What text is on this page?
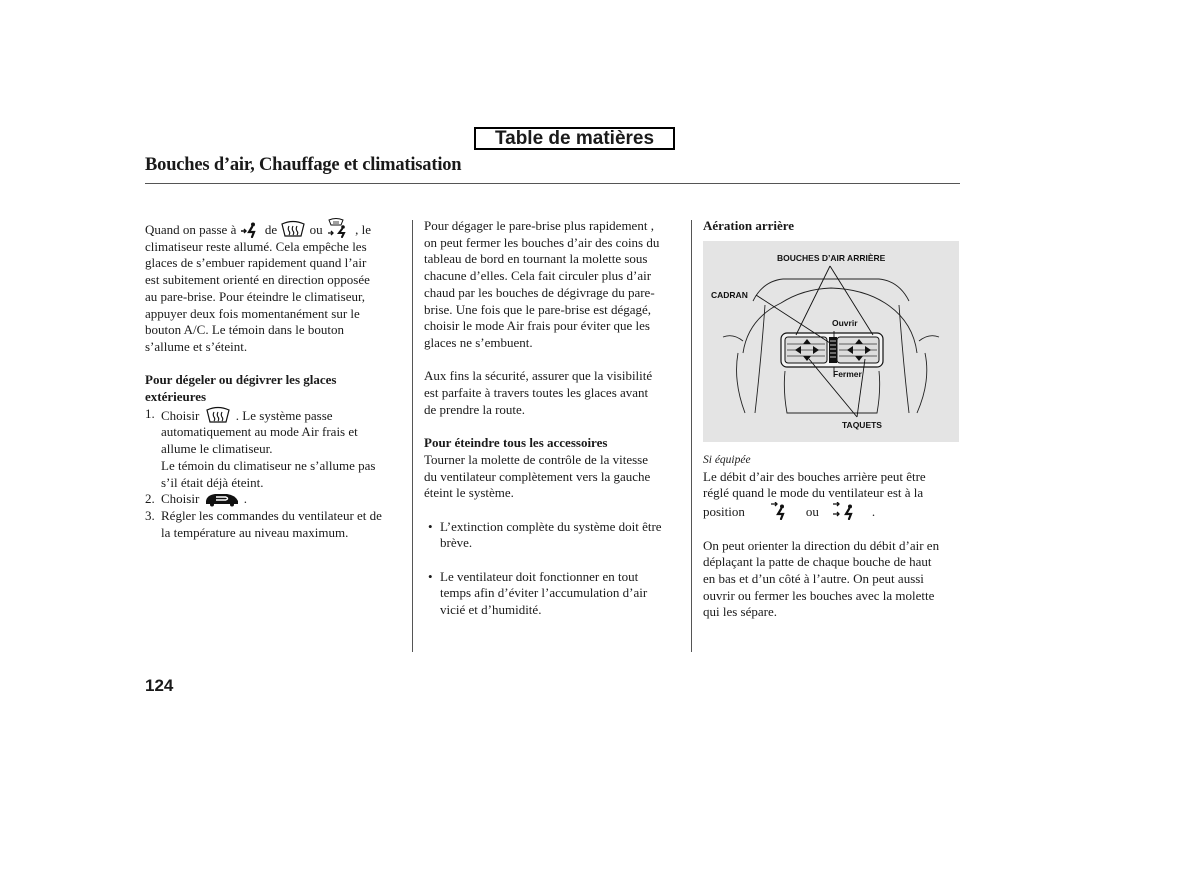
Table de matières
Bouches d’air, Chauffage et climatisation

Quand on passe à de	ou	, le

climatiseur reste allumé. Cela empêche les

glaces de s’embuer rapidement quand l’air

est subitement orienté en direction opposée

au pare-brise. Pour éteindre le climatiseur,

appuyer deux fois momentanément sur le

bouton A/C. Le témoin dans le bouton

s’allume et s’éteint.

Pour dégeler ou dégivrer les glaces
extérieures
1. Choisir	. Le système passe

automatiquement au mode Air frais et

allume le climatiseur.

Le témoin du climatiseur ne s’allume pas

s’il était déjà éteint.

2. Choisir	.

3. Régler les commandes du ventilateur et de

la température au niveau maximum.

Pour dégager le pare-brise plus rapidement ,

on peut fermer les bouches d’air des coins du

tableau de bord en tournant la molette sous

chacune d’elles. Cela fait circuler plus d’air

chaud par les bouches de dégivrage du pare-

brise. Une fois que le pare-brise est dégagé,

choisir le mode Air frais pour éviter que les

glaces ne s’embuent.

Aux fins la sécurité, assurer que la visibilité

est parfaite à travers toutes les glaces avant

de prendre la route.

Pour éteindre tous les accessoires

Tourner la molette de contrôle de la vitesse

du ventilateur complètement vers la gauche

éteint le système.

• L’extinction complète du système doit être

brève.

• Le ventilateur doit fonctionner en tout

temps afin d’éviter l’accumulation d’air

vicié et d’humidité.

Aération arrière
BOUCHES D’AIR ARRIÈRE
CADRAN
Ouvrir
Fermer
TAQUETS

Si équipée

Le débit d’air des bouches arrière peut être

réglé quand le mode du ventilateur est à la

position	ou	.

On peut orienter la direction du débit d’air en

déplaçant la patte de chaque bouche de haut

en bas et d’un côté à l’autre. On peut aussi

ouvrir ou fermer les bouches avec la molette

qui les sépare.

124
